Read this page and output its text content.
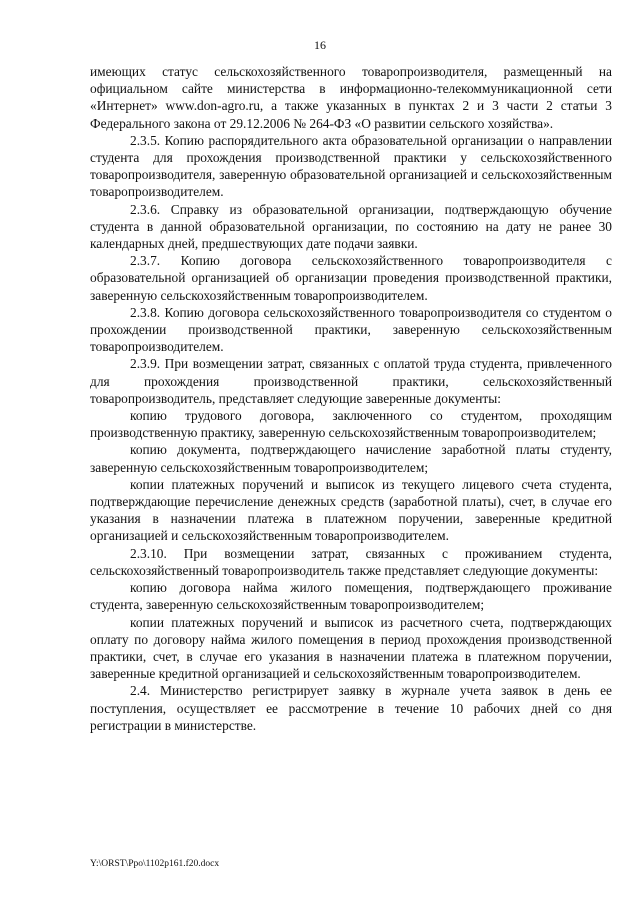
16

имеющих статус сельскохозяйственного товаропроизводителя, размещенный на официальном сайте министерства в информационно-телекоммуникационной сети «Интернет» www.don-agro.ru, а также указанных в пунктах 2 и 3 части 2 статьи 3 Федерального закона от 29.12.2006 № 264-ФЗ «О развитии сельского хозяйства».

2.3.5. Копию распорядительного акта образовательной организации о направлении студента для прохождения производственной практики у сельскохозяйственного товаропроизводителя, заверенную образовательной организацией и сельскохозяйственным товаропроизводителем.

2.3.6. Справку из образовательной организации, подтверждающую обучение студента в данной образовательной организации, по состоянию на дату не ранее 30 календарных дней, предшествующих дате подачи заявки.

2.3.7. Копию договора сельскохозяйственного товаропроизводителя с образовательной организацией об организации проведения производственной практики, заверенную сельскохозяйственным товаропроизводителем.

2.3.8. Копию договора сельскохозяйственного товаропроизводителя со студентом о прохождении производственной практики, заверенную сельскохозяйственным товаропроизводителем.

2.3.9. При возмещении затрат, связанных с оплатой труда студента, привлеченного для прохождения производственной практики, сельскохозяйственный товаропроизводитель, представляет следующие заверенные документы:

копию трудового договора, заключенного со студентом, проходящим производственную практику, заверенную сельскохозяйственным товаропроизводителем;

копию документа, подтверждающего начисление заработной платы студенту, заверенную сельскохозяйственным товаропроизводителем;

копии платежных поручений и выписок из текущего лицевого счета студента, подтверждающие перечисление денежных средств (заработной платы), счет, в случае его указания в назначении платежа в платежном поручении, заверенные кредитной организацией и сельскохозяйственным товаропроизводителем.

2.3.10. При возмещении затрат, связанных с проживанием студента, сельскохозяйственный товаропроизводитель также представляет следующие документы:

копию договора найма жилого помещения, подтверждающего проживание студента, заверенную сельскохозяйственным товаропроизводителем;

копии платежных поручений и выписок из расчетного счета, подтверждающих оплату по договору найма жилого помещения в период прохождения производственной практики, счет, в случае его указания в назначении платежа в платежном поручении, заверенные кредитной организацией и сельскохозяйственным товаропроизводителем.

2.4. Министерство регистрирует заявку в журнале учета заявок в день ее поступления, осуществляет ее рассмотрение в течение 10 рабочих дней со дня регистрации в министерстве.

Y:\ORST\Ppo\1102p161.f20.docx
